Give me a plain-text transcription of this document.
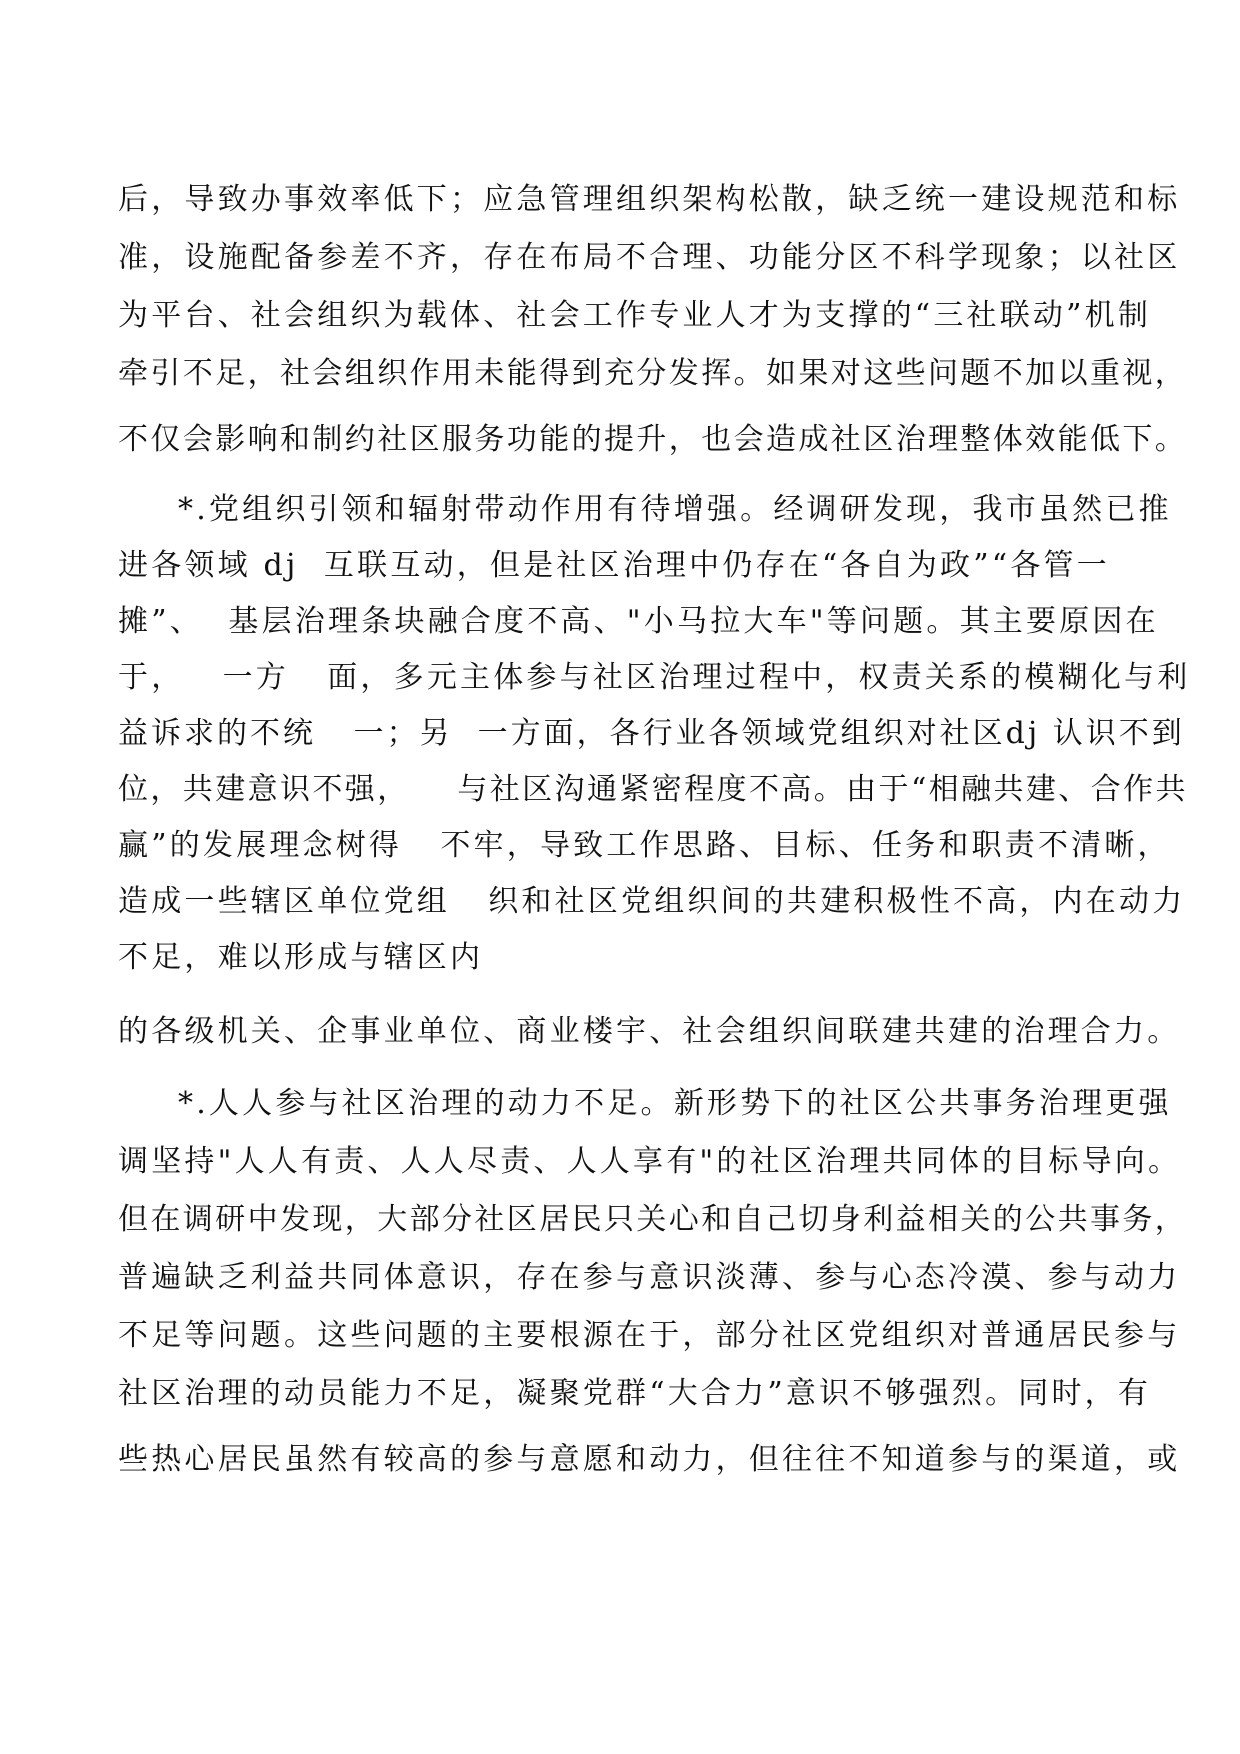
后，导致办事效率低下；应急管理组织架构松散，缺乏统一建设规范和标

准，设施配备参差不齐，存在布局不合理、功能分区不科学现象；以社区

为平台、社会组织为载体、社会工作专业人才为支撑的“三社联动”机制

牵引不足，社会组织作用未能得到充分发挥。如果对这些问题不加以重视，

不仅会影响和制约社区服务功能的提升，也会造成社区治理整体效能低下。

*.党组织引领和辐射带动作用有待增强。经调研发现，我市虽然已推

进各领域 dj  互联互动，但是社区治理中仍存在“各自为政”“各管一

摊”、  基层治理条块融合度不高、"小马拉大车"等问题。其主要原因在

于，   一方   面，多元主体参与社区治理过程中，权责关系的模糊化与利

益诉求的不统   一；另  一方面，各行业各领域党组织对社区dj 认识不到

位，共建意识不强，    与社区沟通紧密程度不高。由于“相融共建、合作共

赢”的发展理念树得   不牢，导致工作思路、目标、任务和职责不清晰，

造成一些辖区单位党组   织和社区党组织间的共建积极性不高，内在动力

不足，难以形成与辖区内

的各级机关、企事业单位、商业楼宇、社会组织间联建共建的治理合力。

*.人人参与社区治理的动力不足。新形势下的社区公共事务治理更强

调坚持"人人有责、人人尽责、人人享有"的社区治理共同体的目标导向。

但在调研中发现，大部分社区居民只关心和自己切身利益相关的公共事务，

普遍缺乏利益共同体意识，存在参与意识淡薄、参与心态冷漠、参与动力

不足等问题。这些问题的主要根源在于，部分社区党组织对普通居民参与

社区治理的动员能力不足，凝聚党群“大合力”意识不够强烈。同时，有

些热心居民虽然有较高的参与意愿和动力，但往往不知道参与的渠道，或
